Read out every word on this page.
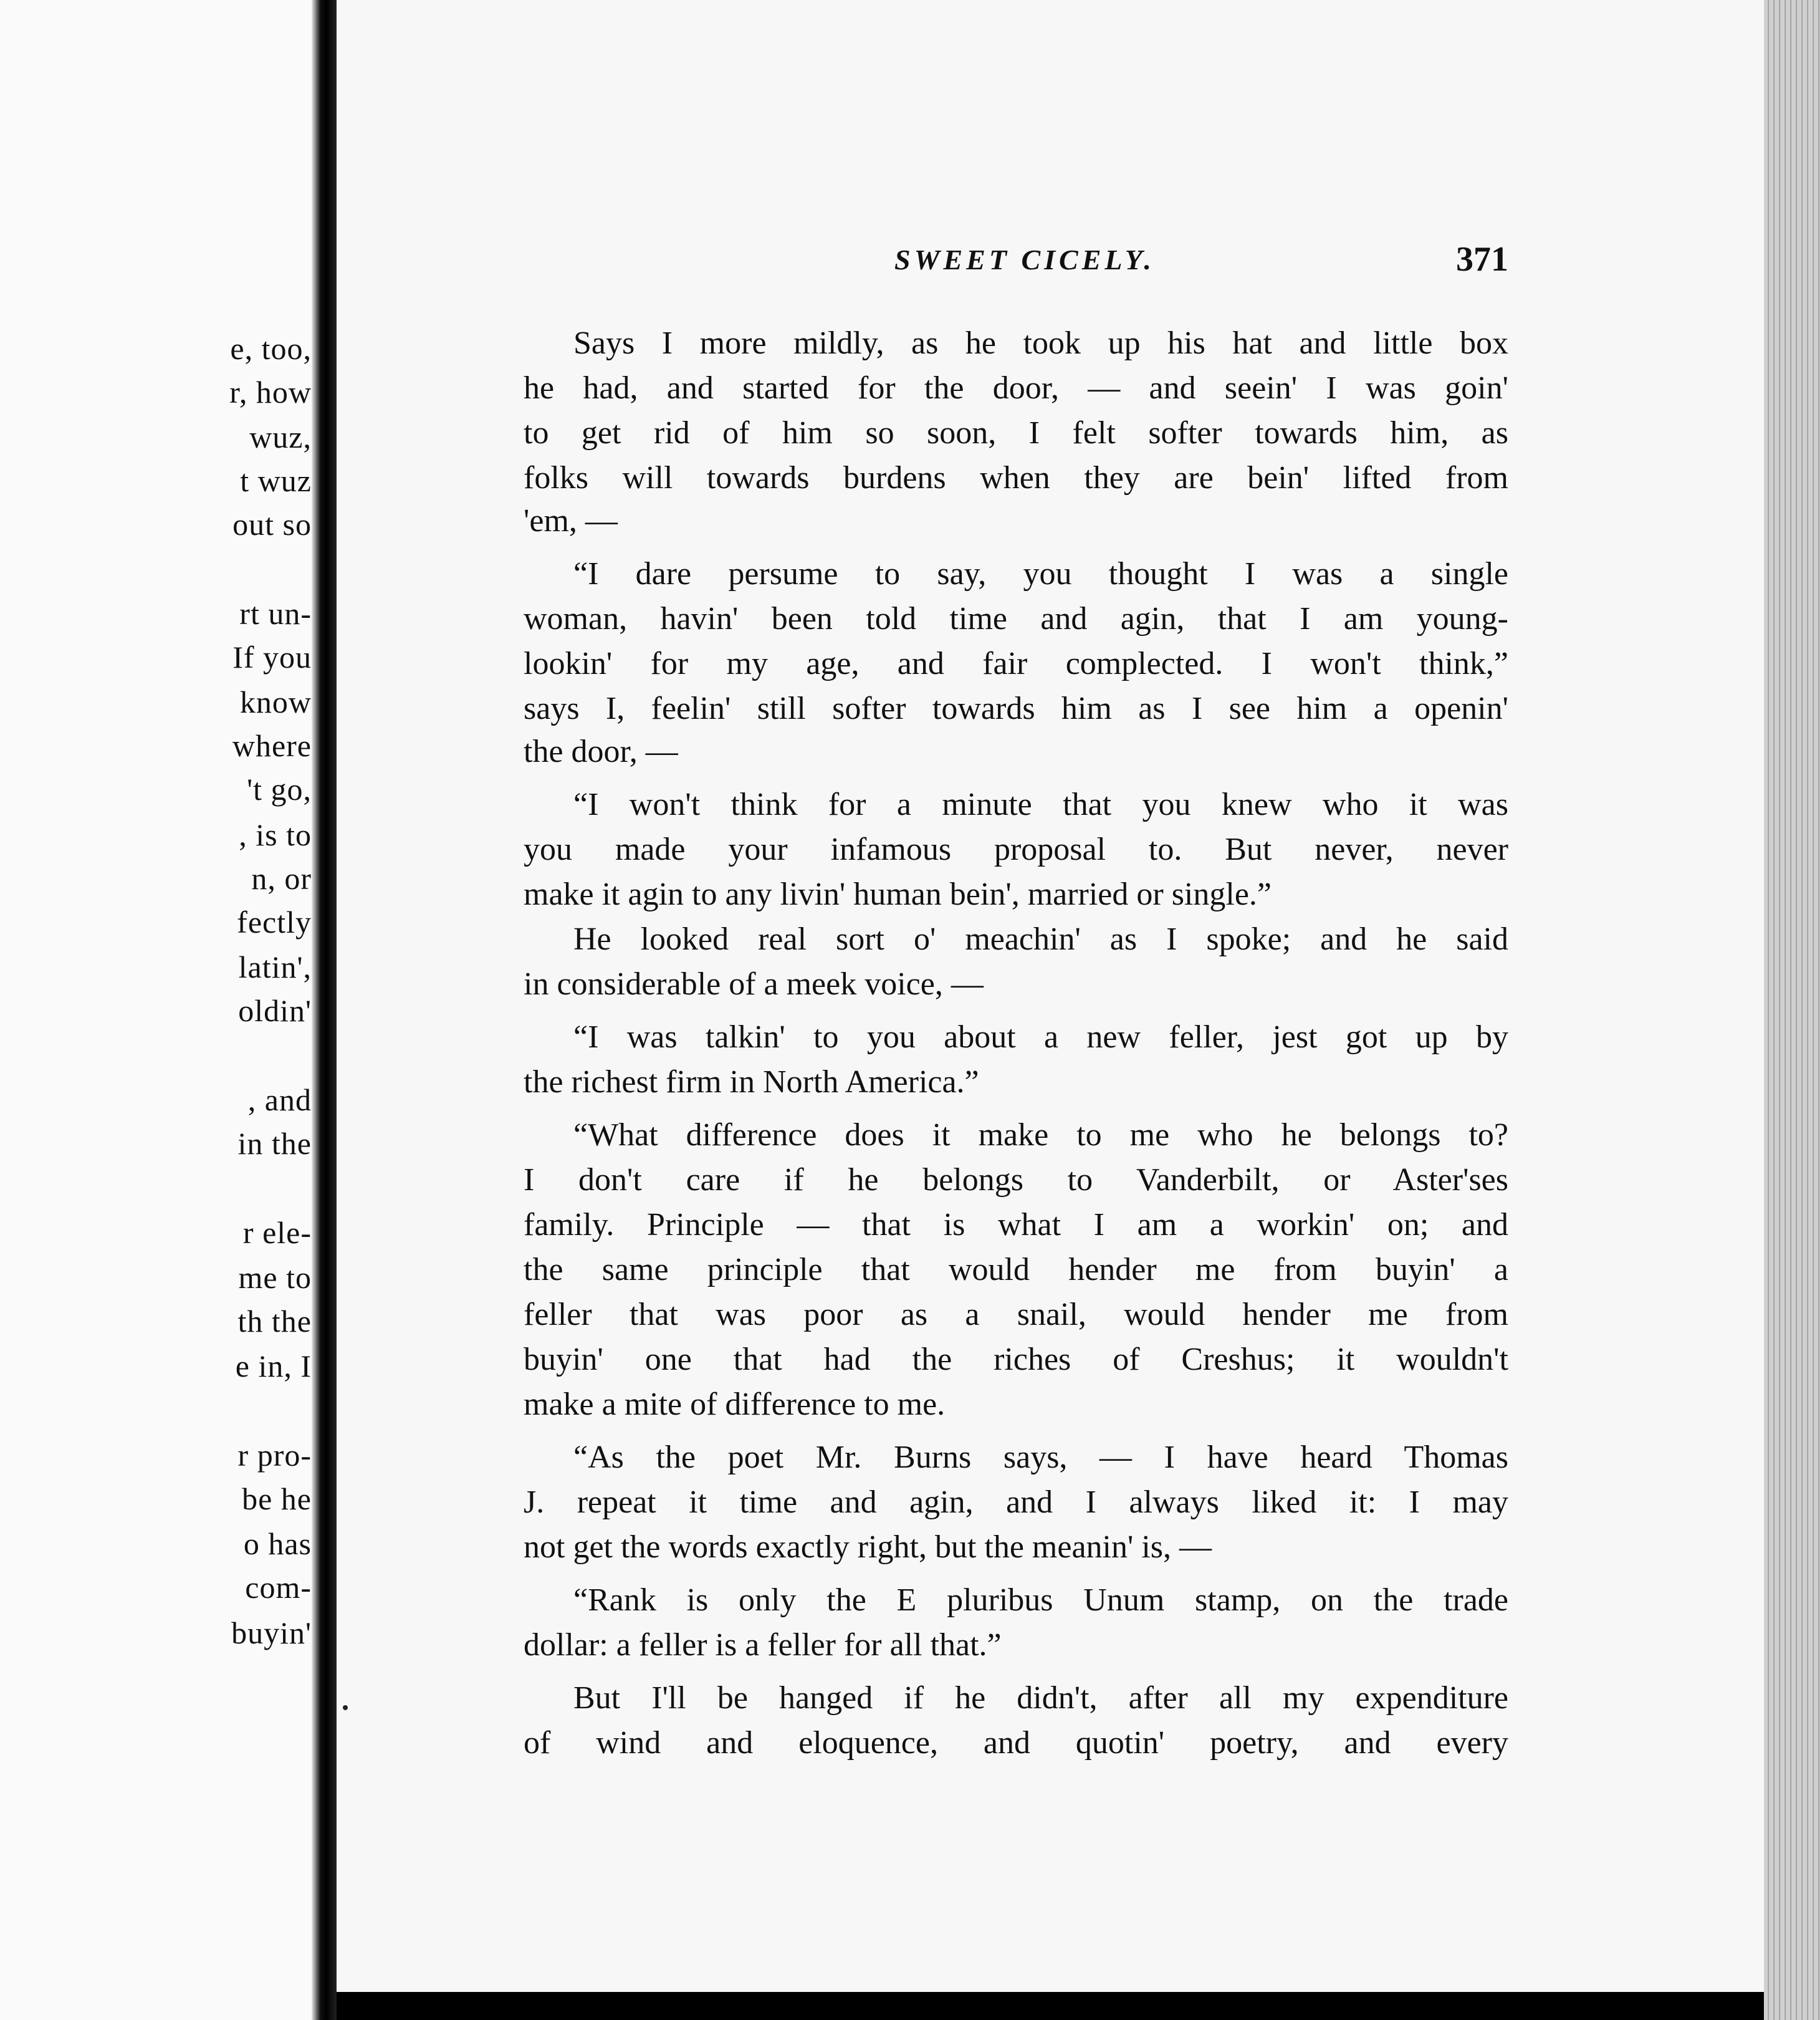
e, too,
r, how
wuz,
t wuz
out so
rt un-
If you
know
where
't go,
, is to
n, or
fectly
latin',
oldin'
, and
in the
r ele-
me to
th the
e in, I
r pro-
be he
o has
com-
buyin'
SWEET CICELY.	371
Says I more mildly, as he took up his hat and little box
he had, and started for the door, — and seein' I was goin'
to get rid of him so soon, I felt softer towards him, as
folks will towards burdens when they are bein' lifted from
'em, —
“I dare persume to say, you thought I was a single
woman, havin' been told time and agin, that I am young-
lookin' for my age, and fair complected. I won't think,”
says I, feelin' still softer towards him as I see him a openin'
the door, —
“I won't think for a minute that you knew who it was
you made your infamous proposal to. But never, never
make it agin to any livin' human bein', married or single.”
He looked real sort o' meachin' as I spoke; and he said
in considerable of a meek voice, —
“I was talkin' to you about a new feller, jest got up by
the richest firm in North America.”
“What difference does it make to me who he belongs to?
I don't care if he belongs to Vanderbilt, or Aster'ses
family. Principle — that is what I am a workin' on; and
the same principle that would hender me from buyin' a
feller that was poor as a snail, would hender me from
buyin' one that had the riches of Creshus; it wouldn't
make a mite of difference to me.
“As the poet Mr. Burns says, — I have heard Thomas
J. repeat it time and agin, and I always liked it: I may
not get the words exactly right, but the meanin' is, —
“Rank is only the E pluribus Unum stamp, on the trade
dollar: a feller is a feller for all that.”
But I'll be hanged if he didn't, after all my expenditure
of wind and eloquence, and quotin' poetry, and every
